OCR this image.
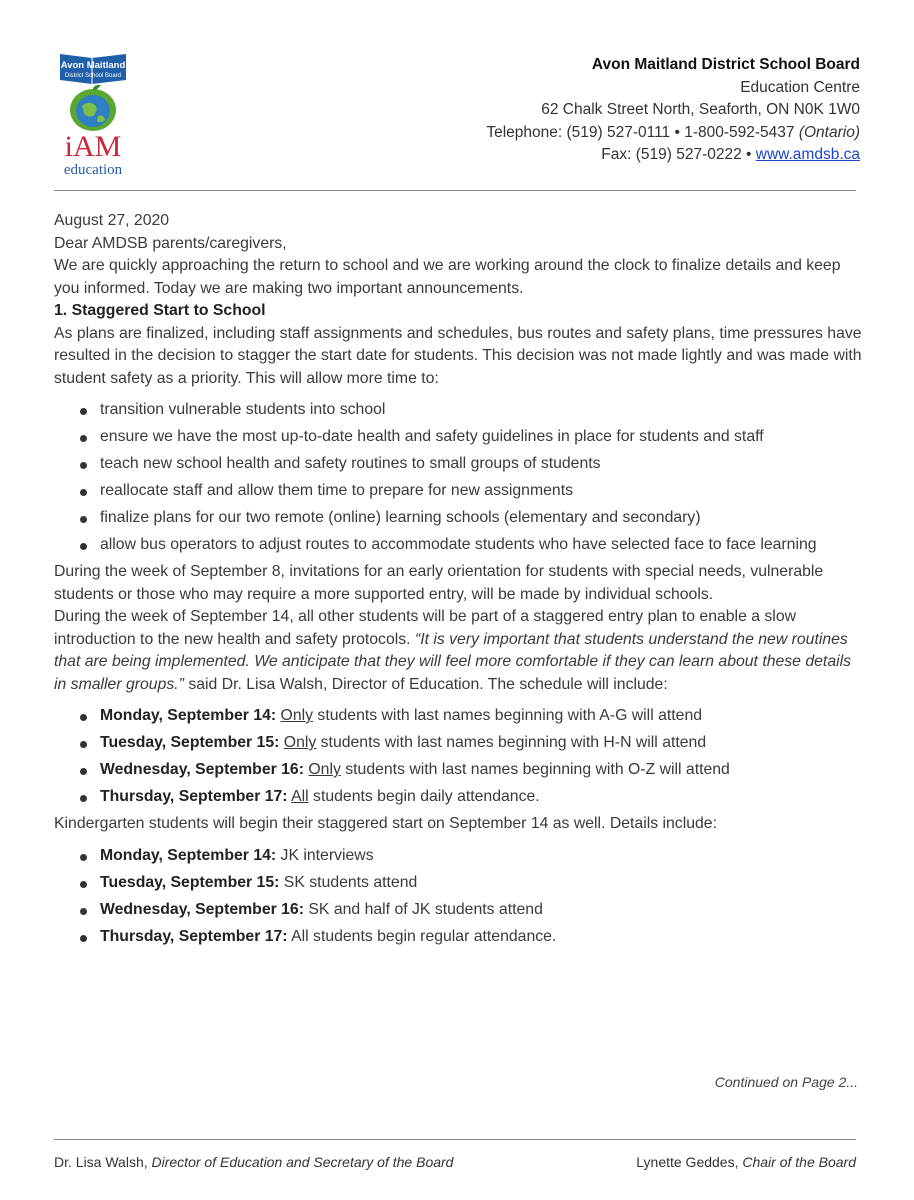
Avon Maitland
District School Board
iAM
education
Avon Maitland District School Board
Education Centre
62 Chalk Street North, Seaforth, ON N0K 1W0
Telephone: (519) 527-0111 • 1-800-592-5437 (Ontario)
Fax: (519) 527-0222 • www.amdsb.ca

August 27, 2020

Dear AMDSB parents/caregivers,

We are quickly approaching the return to school and we are working around the clock to finalize details and keep you informed. Today we are making two important announcements.

1. Staggered Start to School

As plans are finalized, including staff assignments and schedules, bus routes and safety plans, time pressures have resulted in the decision to stagger the start date for students. This decision was not made lightly and was made with student safety as a priority. This will allow more time to:

transition vulnerable students into school
ensure we have the most up-to-date health and safety guidelines in place for students and staff
teach new school health and safety routines to small groups of students
reallocate staff and allow them time to prepare for new assignments
finalize plans for our two remote (online) learning schools (elementary and secondary)
allow bus operators to adjust routes to accommodate students who have selected face to face learning

During the week of September 8, invitations for an early orientation for students with special needs, vulnerable students or those who may require a more supported entry, will be made by individual schools.

During the week of September 14, all other students will be part of a staggered entry plan to enable a slow introduction to the new health and safety protocols. “It is very important that students understand the new routines that are being implemented. We anticipate that they will feel more comfortable if they can learn about these details in smaller groups.” said Dr. Lisa Walsh, Director of Education. The schedule will include:

Monday, September 14: Only students with last names beginning with A-G will attend
Tuesday, September 15: Only students with last names beginning with H-N will attend
Wednesday, September 16: Only students with last names beginning with O-Z will attend
Thursday, September 17: All students begin daily attendance.

Kindergarten students will begin their staggered start on September 14 as well. Details include:

Monday, September 14: JK interviews
Tuesday, September 15: SK students attend
Wednesday, September 16: SK and half of JK students attend
Thursday, September 17: All students begin regular attendance.
Continued on Page 2...
Dr. Lisa Walsh, Director of Education and Secretary of the Board	Lynette Geddes, Chair of the Board
